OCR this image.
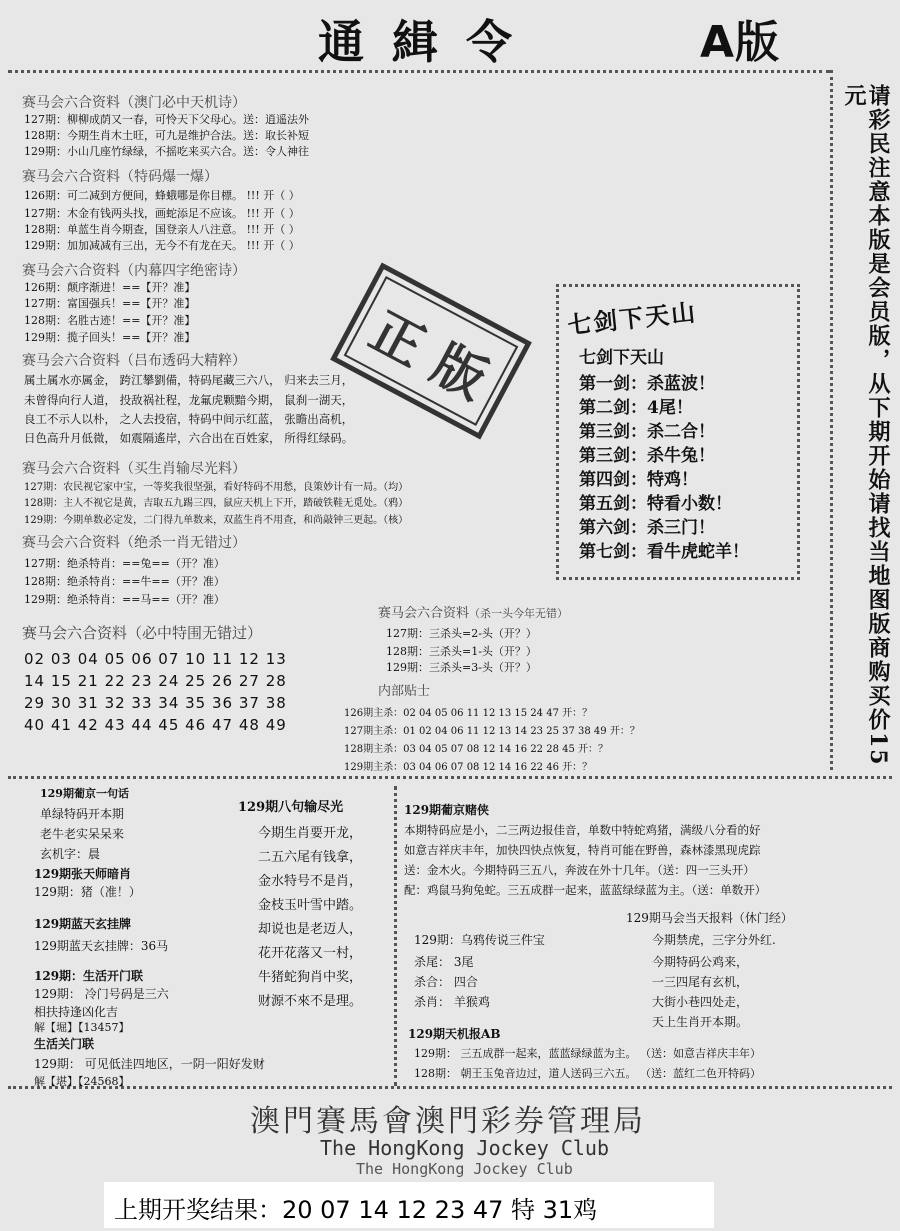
通 緝 令	A版
赛马会六合资料（澳门必中天机诗）
127期：柳柳成荫又一春，可怜天下父母心。送：逍遥法外
128期：今期生肖木土旺，可九是维护合法。送：取长补短
129期：小山几座竹绿绿，不摇吃来买六合。送：令人神往
赛马会六合资料（特码爆一爆）
126期：可二减到方便间，蜂蛾哪是你目標。 !!! 开（ ）
127期：木金有钱两头找，画蛇添足不应该。 !!! 开（ ）
128期：单蓝生肖今期查，国登亲人八注意。 !!! 开（ ）
129期：加加减减有三出，无今不有龙在天。 !!! 开（ ）
赛马会六合资料（内幕四字绝密诗）
126期：颠序渐进！==【开？准】
127期：富国强兵！==【开？准】
128期：名胜古迹！==【开？准】
129期：揽子回头！==【开？准】	正 版
赛马会六合资料（吕布透码大精粹）
属土属水亦属金， 跨江攀劉備，特码尾藏三六八， 归来去三月，
未曾得向行人道， 投敌祸社程，龙氟虎颗黯今期， 鼠刹一湖天，
良工不示人以朴， 之人去投宿，特码中间示红蓝， 张瞻出高机，
日色高升月低微， 如震隔遙岸，六合出在百姓家， 所得红绿码。
赛马会六合资料（买生肖输尽光料）
127期：农民视它家中宝，一等奖我很坚强，看好特码不用愁，良策妙计有一局。（均）
128期：主人不视它是黄，吉取五九踢三四，鼠应天机上下开，踏破铁鞋无觅处。（鸦）
129期：今期单数必定发，二门得九单数来，双蓝生肖不用查，和尚敲钟三更起。（核）
赛马会六合资料（绝杀一肖无错过）
127期：绝杀特肖：==兔==（开？准）
128期：绝杀特肖：==牛==（开？准）
129期：绝杀特肖：==马==（开？准）
赛马会六合资料（必中特围无错过）
02 03 04 05 06 07 10 11 12 13
14 15 21 22 23 24 25 26 27 28
29 30 31 32 33 34 35 36 37 38
40 41 42 43 44 45 46 47 48 49
七剑下天山
七剑下天山
第一剑：杀蓝波！
第二剑：4尾！
第三剑：杀二合！
第三剑：杀牛兔！
第四剑：特鸡！
第五剑：特看小数！
第六剑：杀三门！
第七剑：看牛虎蛇羊！	请彩民注意本版是会员版，从下期开始请找当地图版商购买价15元
赛马会六合资料（杀一头今年无错）
127期：三杀头=2-头（开？）
128期：三杀头=1-头（开？）
129期：三杀头=3-头（开？）
内部贴士
126期主杀：02 04 05 06 11 12 13 15 24 47 开：？
127期主杀：01 02 04 06 11 12 13 14 23 25 37 38 49 开：？
128期主杀：03 04 05 07 08 12 14 16 22 28 45 开：？
129期主杀：03 04 06 07 08 12 14 16 22 46 开：？
129期葡京一句话
单绿特码开本期
老牛老实呆呆来
玄机字：晨
129期张天师暗肖
129期：猪（准！）
129期蓝天玄挂牌
129期蓝天玄挂牌：36马
129期：生活开门联
129期： 冷门号码是三六
相扶持逢凶化吉
解【堀】【13457】
生活关门联
129期： 可见低洼四地区，一阴一阳好发财
解【堪】【24568】
129期八句输尽光
今期生肖要开龙，
二五六尾有钱拿，
金水特号不是肖，
金枝玉叶雪中踏。
却说也是老迈人，
花开花落又一村，
牛猪蛇狗肖中奖，
财源不來不是理。
129期葡京赌侠
本期特码应是小，二三两边报佳音，单数中特蛇鸡猪，满级八分看的好
如意吉祥庆丰年，加快四快点恢复，特肖可能在野兽，森林漆黑现虎踪
送：金木火。今期特码三五八，奔波在外十几年。（送：四一三头开）
配：鸡鼠马狗兔蛇。三五成群一起来，蓝蓝绿绿蓝为主。（送：单数开）
129期：乌鸦传说三件宝
杀尾： 3尾
杀合： 四合
杀肖： 羊猴鸡
129期马会当天报料（休门经）
今期禁虎，三字分外红.
今期特码公鸡来，
一三四尾有玄机，
大街小巷四处走，
天上生肖开本期。
129期天机报AB
129期： 三五成群一起来，蓝蓝绿绿蓝为主。 （送：如意吉祥庆丰年）
128期： 朝王玉兔音边过，道人送码三六五。 （送：蓝红二色开特码）
澳門賽馬會澳門彩券管理局
The HongKong Jockey Club
The HongKong Jockey Club
上期开奖结果：20 07 14 12 23 47 特 31鸡
